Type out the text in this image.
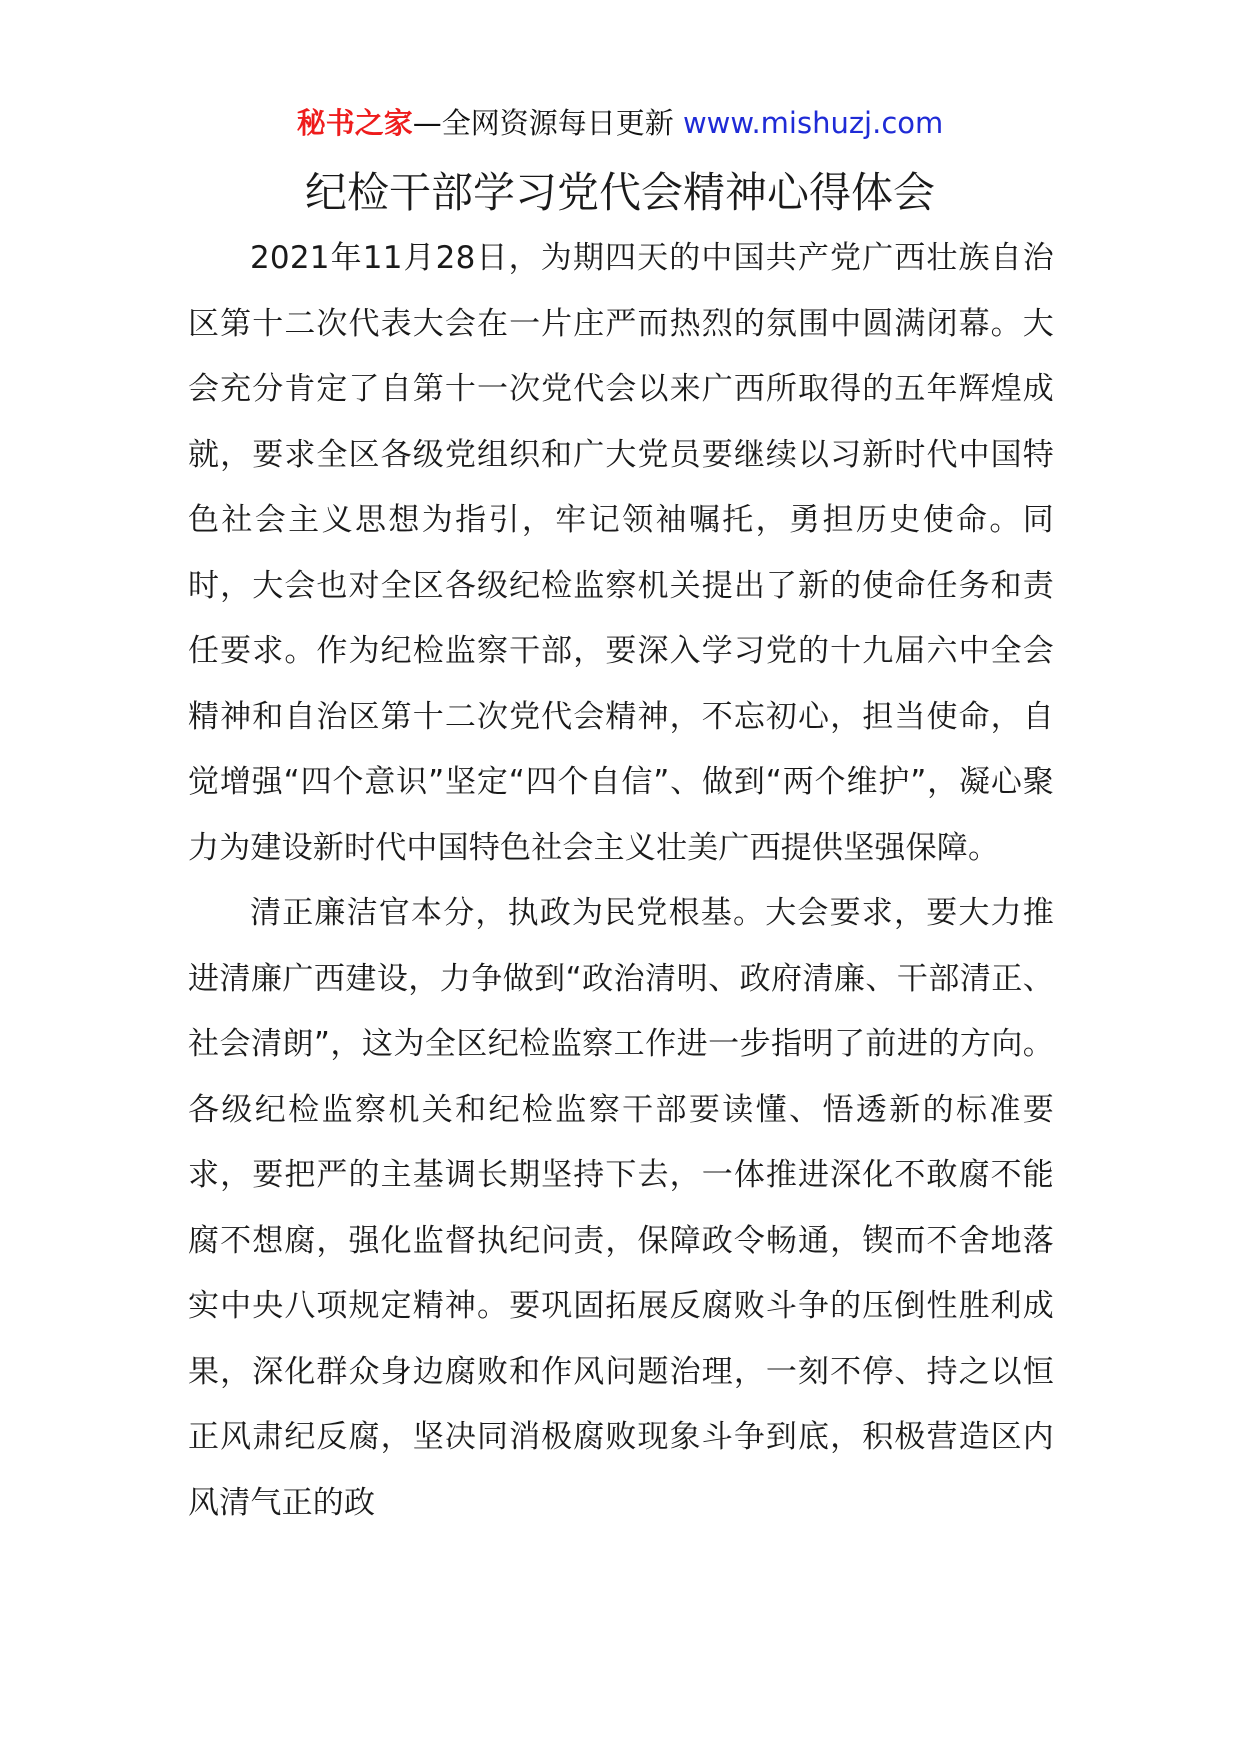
秘书之家—全网资源每日更新 www.mishuzj.com
纪检干部学习党代会精神心得体会

2021年11月28日，为期四天的中国共产党广西壮族自治区第十二次代表大会在一片庄严而热烈的氛围中圆满闭幕。大会充分肯定了自第十一次党代会以来广西所取得的五年辉煌成就，要求全区各级党组织和广大党员要继续以习新时代中国特色社会主义思想为指引，牢记领袖嘱托，勇担历史使命。同时，大会也对全区各级纪检监察机关提出了新的使命任务和责任要求。作为纪检监察干部，要深入学习党的十九届六中全会精神和自治区第十二次党代会精神，不忘初心，担当使命，自觉增强“四个意识”坚定“四个自信”、做到“两个维护”，凝心聚力为建设新时代中国特色社会主义壮美广西提供坚强保障。

清正廉洁官本分，执政为民党根基。大会要求，要大力推进清廉广西建设，力争做到“政治清明、政府清廉、干部清正、社会清朗”，这为全区纪检监察工作进一步指明了前进的方向。各级纪检监察机关和纪检监察干部要读懂、悟透新的标准要求，要把严的主基调长期坚持下去，一体推进深化不敢腐不能腐不想腐，强化监督执纪问责，保障政令畅通，锲而不舍地落实中央八项规定精神。要巩固拓展反腐败斗争的压倒性胜利成果，深化群众身边腐败和作风问题治理，一刻不停、持之以恒正风肃纪反腐，坚决同消极腐败现象斗争到底，积极营造区内风清气正的政
